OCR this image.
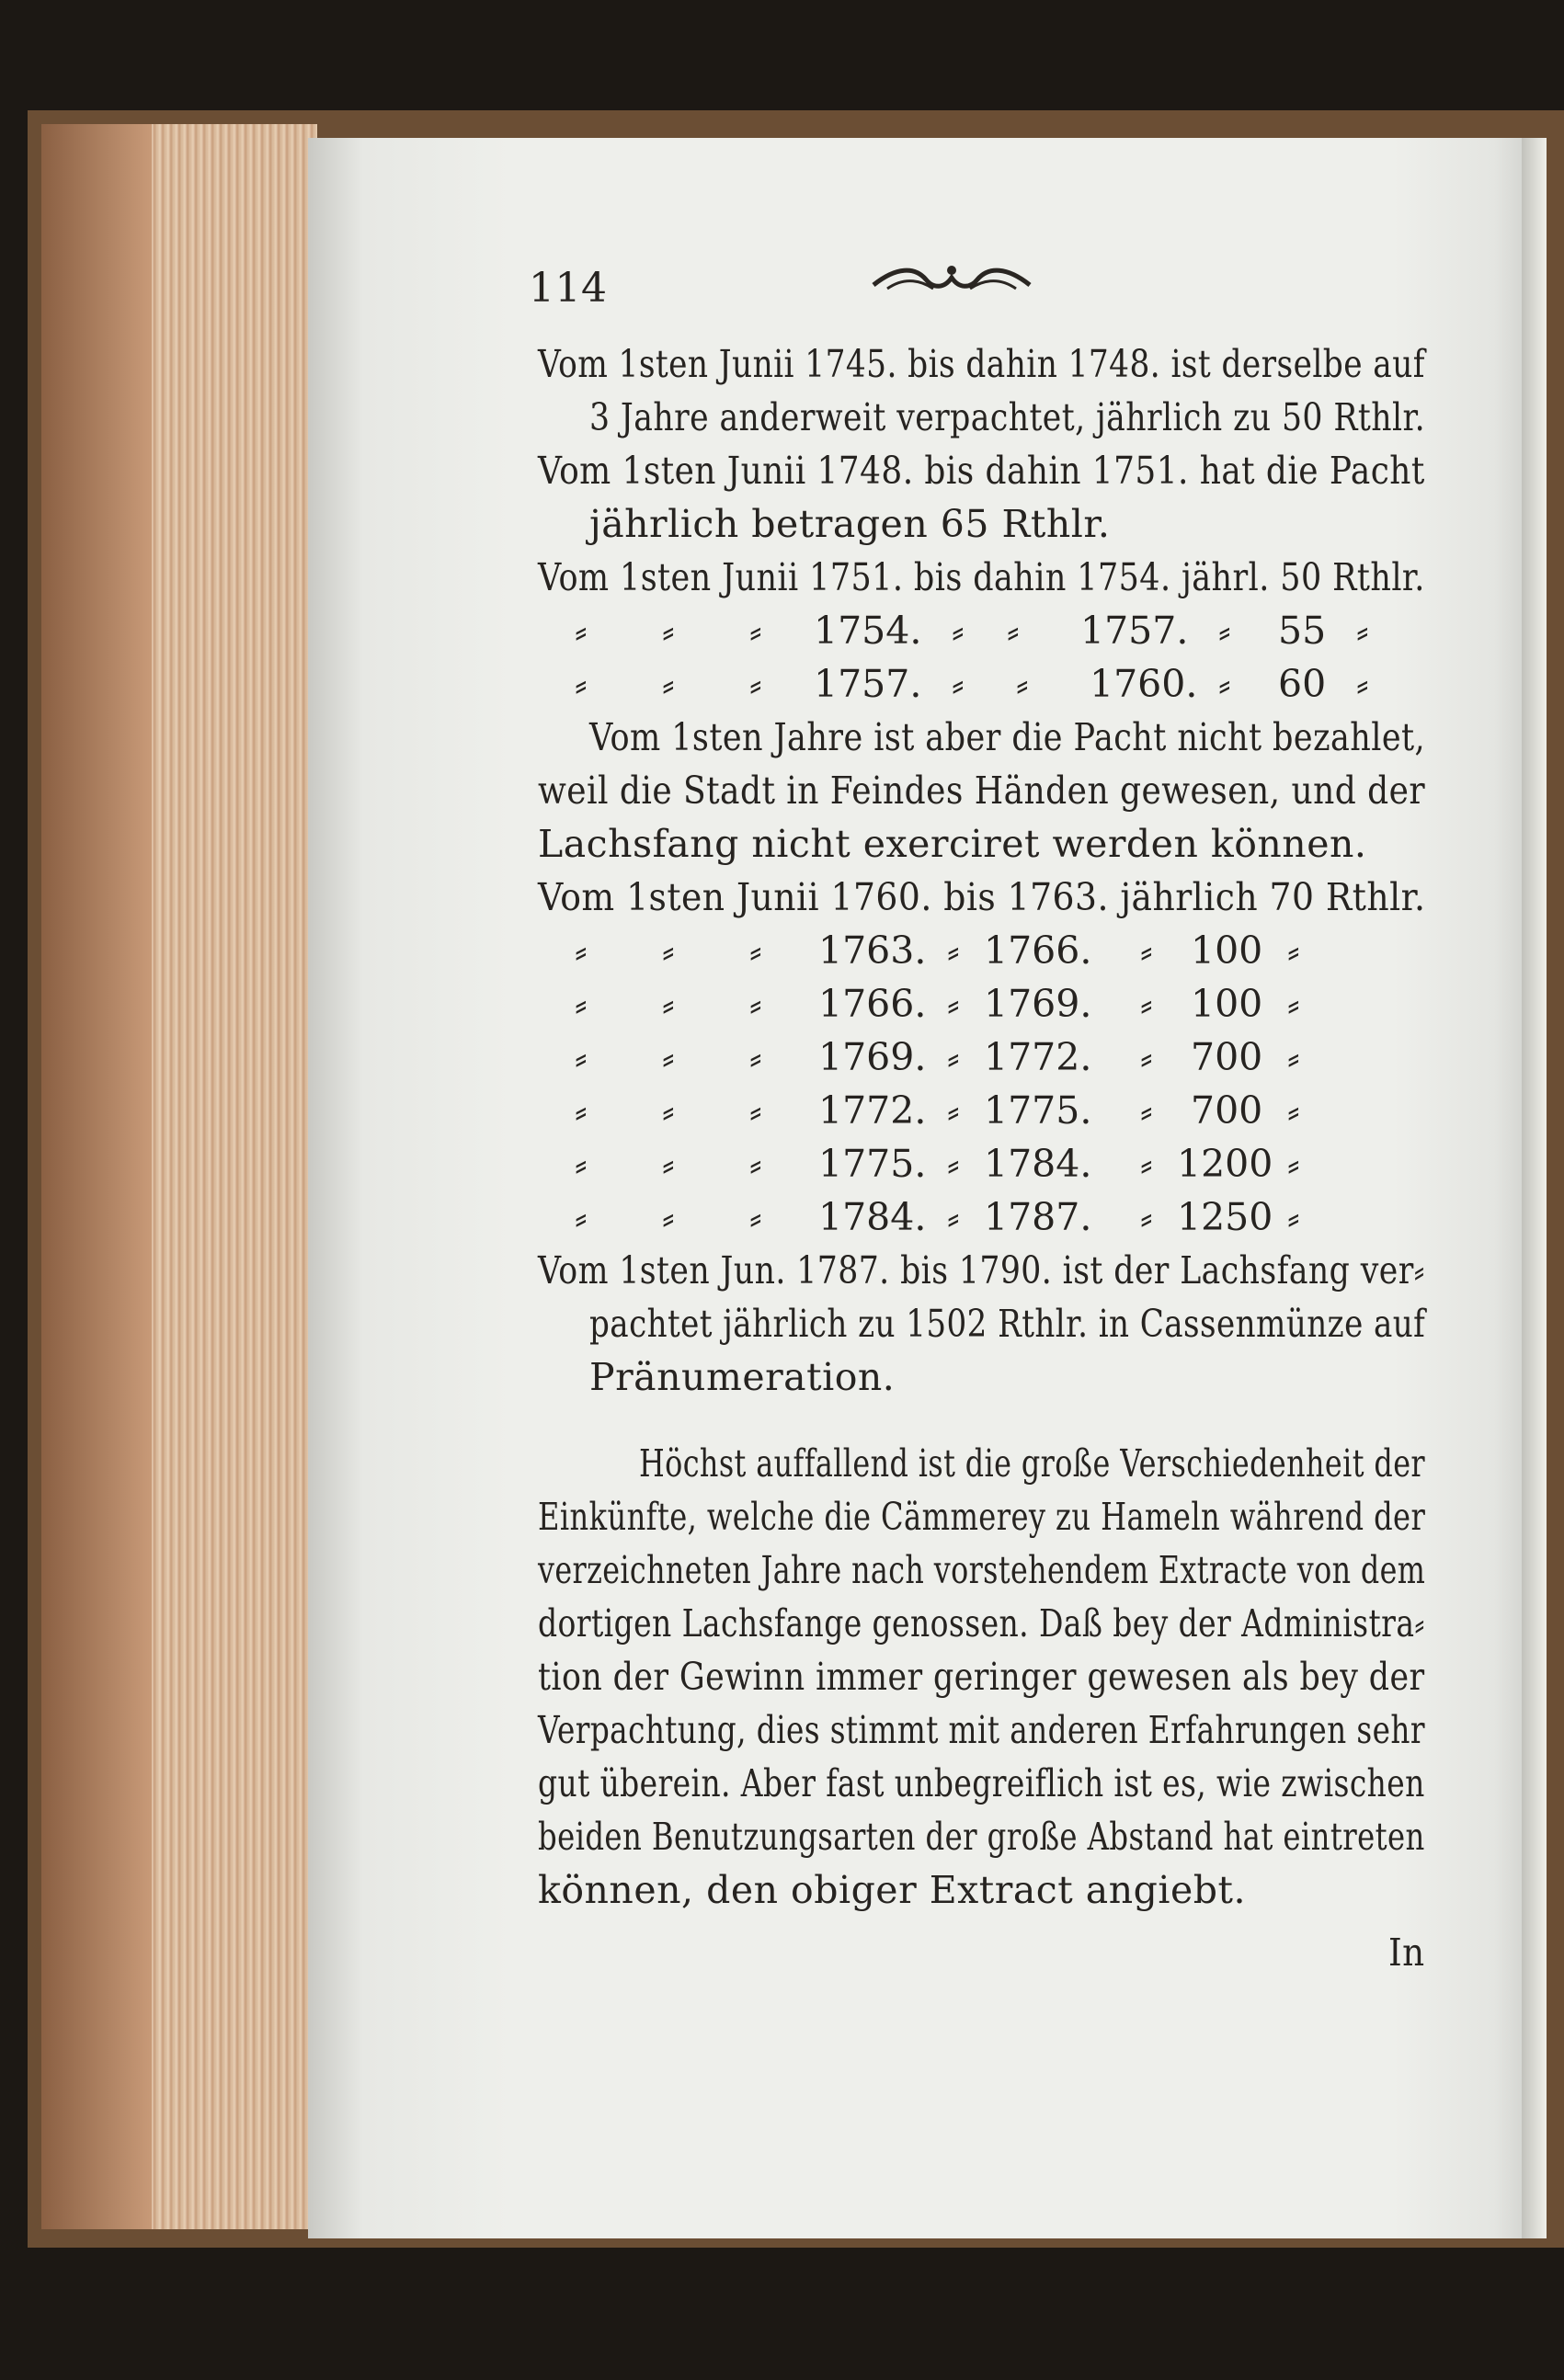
114
Vom 1sten Junii 1745. bis dahin 1748. ist derselbe auf
3 Jahre anderweit verpachtet, jährlich zu 50 Rthlr.
Vom 1sten Junii 1748. bis dahin 1751. hat die Pacht
jährlich betragen 65 Rthlr.
Vom 1sten Junii 1751. bis dahin 1754. jährl. 50 Rthlr.
⸗ ⸗ ⸗ 1754. ⸗ ⸗ 1757. ⸗ 55 ⸗
⸗ ⸗ ⸗ 1757. ⸗ ⸗ 1760. ⸗ 60 ⸗
Vom 1sten Jahre ist aber die Pacht nicht bezahlet,
weil die Stadt in Feindes Händen gewesen, und der
Lachsfang nicht exerciret werden können.
Vom 1sten Junii 1760. bis 1763. jährlich 70 Rthlr.
⸗ ⸗ ⸗ 1763. ⸗ 1766. ⸗ 100 ⸗
⸗ ⸗ ⸗ 1766. ⸗ 1769. ⸗ 100 ⸗
⸗ ⸗ ⸗ 1769. ⸗ 1772. ⸗ 700 ⸗
⸗ ⸗ ⸗ 1772. ⸗ 1775. ⸗ 700 ⸗
⸗ ⸗ ⸗ 1775. ⸗ 1784. ⸗ 1200 ⸗
⸗ ⸗ ⸗ 1784. ⸗ 1787. ⸗ 1250 ⸗
Vom 1sten Jun. 1787. bis 1790. ist der Lachsfang ver⸗
pachtet jährlich zu 1502 Rthlr. in Cassenmünze auf
Pränumeration.
Höchst auffallend ist die große Verschiedenheit der
Einkünfte, welche die Cämmerey zu Hameln während der
verzeichneten Jahre nach vorstehendem Extracte von dem
dortigen Lachsfange genossen. Daß bey der Administra⸗
tion der Gewinn immer geringer gewesen als bey der
Verpachtung, dies stimmt mit anderen Erfahrungen sehr
gut überein. Aber fast unbegreiflich ist es, wie zwischen
beiden Benutzungsarten der große Abstand hat eintreten
können, den obiger Extract angiebt.
In
